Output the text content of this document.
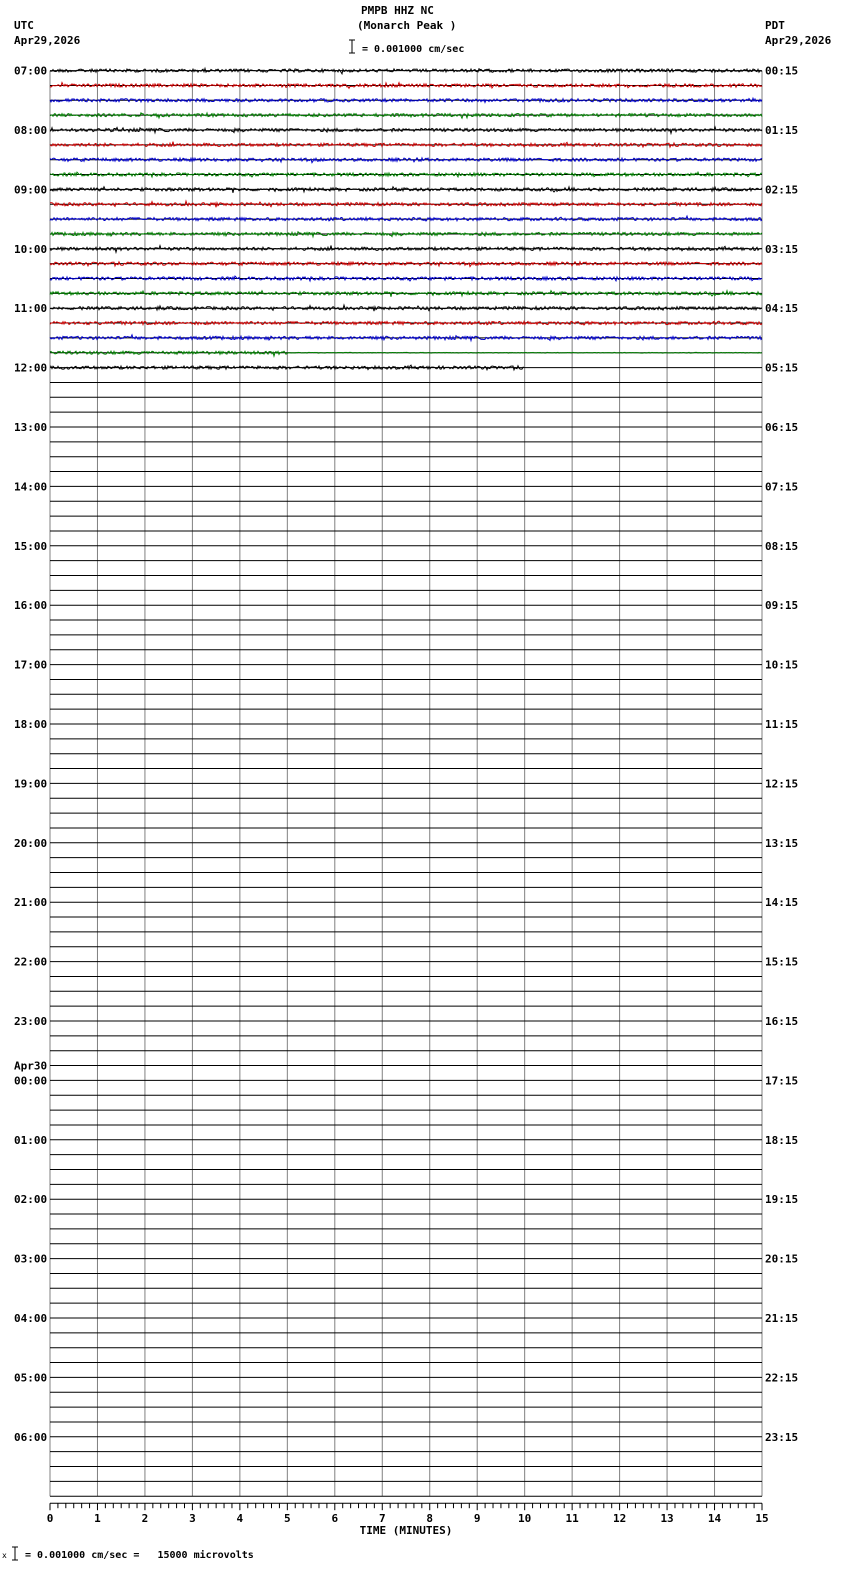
PMPB HHZ NC
(Monarch Peak )
UTC
Apr29,2026
PDT
Apr29,2026
= 0.001000 cm/sec
= 0.001000 cm/sec =   15000 microvolts
07:00
08:00
09:00
10:00
11:00
12:00
13:00
14:00
15:00
16:00
17:00
18:00
19:00
20:00
21:00
22:00
23:00
00:00
01:00
02:00
03:00
04:00
05:00
06:00
00:15
01:15
02:15
03:15
04:15
05:15
06:15
07:15
08:15
09:15
10:15
11:15
12:15
13:15
14:15
15:15
16:15
17:15
18:15
19:15
20:15
21:15
22:15
23:15
Apr30
0	1	2	3	4	5	6	7	8	9	10	11	12	13	14	15
TIME (MINUTES)
x
